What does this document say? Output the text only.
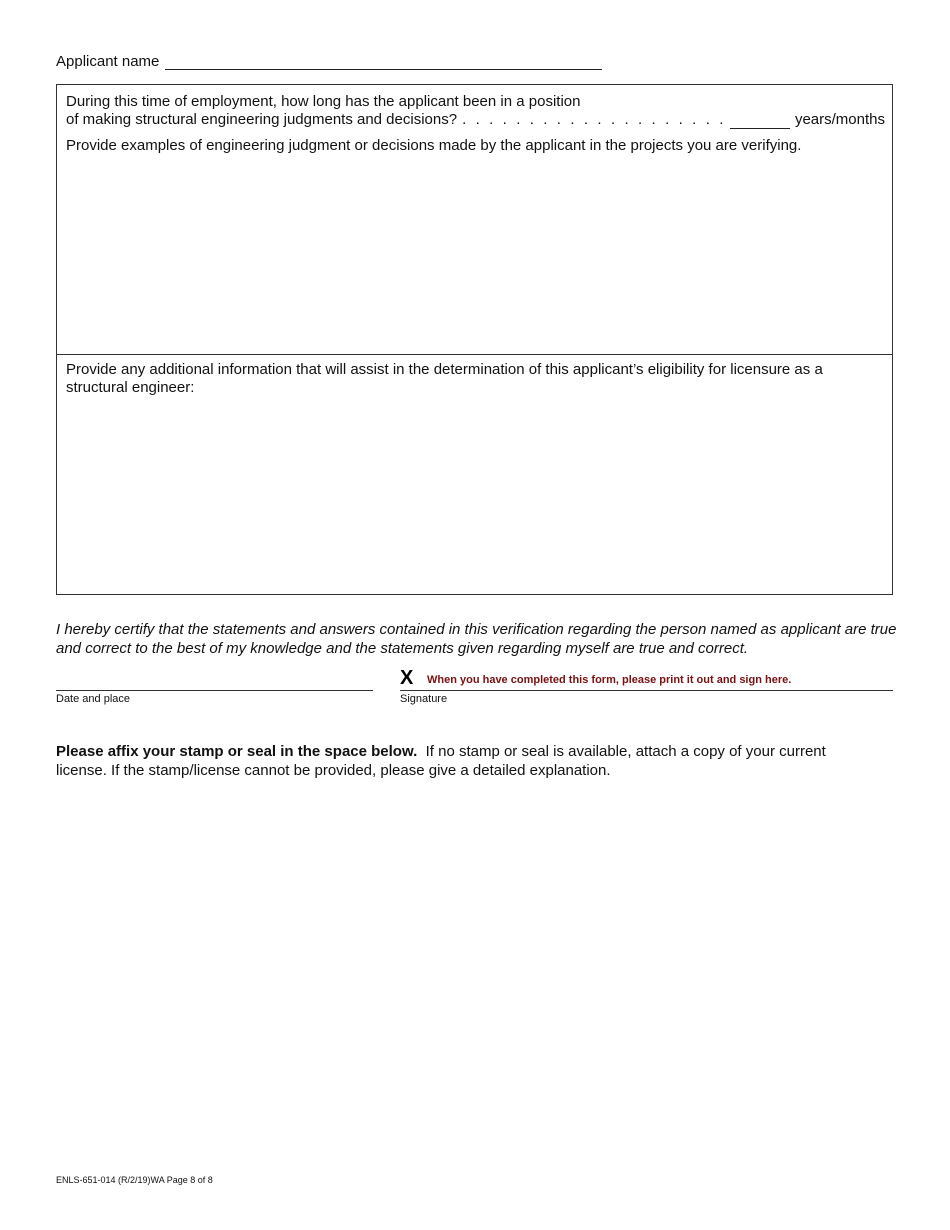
Applicant name
During this time of employment, how long has the applicant been in a position
of making structural engineering judgments and decisions? . . . . . . . . . . . . . . . . . . . .	years/months
Provide examples of engineering judgment or decisions made by the applicant in the projects you are verifying.
Provide any additional information that will assist in the determination of this applicant’s eligibility for licensure as a structural engineer:
I hereby certify that the statements and answers contained in this verification regarding the person named as applicant are true and correct to the best of my knowledge and the statements given regarding myself are true and correct.
Date and place
X When you have completed this form, please print it out and sign here.
Signature
Please affix your stamp or seal in the space below. If no stamp or seal is available, attach a copy of your current license. If the stamp/license cannot be provided, please give a detailed explanation.
ENLS-651-014 (R/2/19)WA Page 8 of 8
